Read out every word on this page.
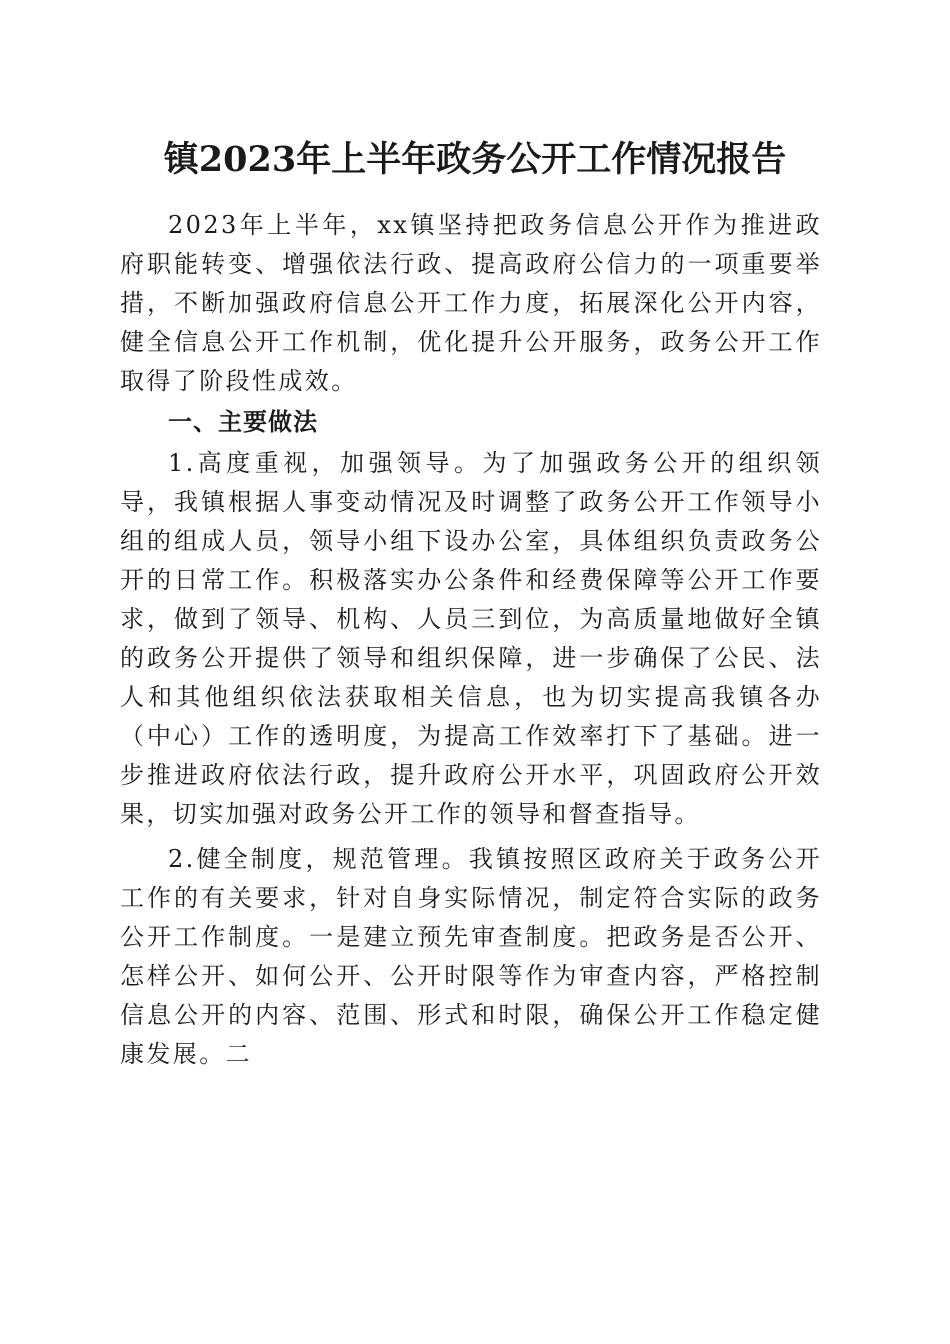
镇2023年上半年政务公开工作情况报告

2023年上半年，xx镇坚持把政务信息公开作为推进政府职能转变、增强依法行政、提高政府公信力的一项重要举措，不断加强政府信息公开工作力度，拓展深化公开内容，健全信息公开工作机制，优化提升公开服务，政务公开工作取得了阶段性成效。

一、主要做法

1.高度重视，加强领导。为了加强政务公开的组织领导，我镇根据人事变动情况及时调整了政务公开工作领导小组的组成人员，领导小组下设办公室，具体组织负责政务公开的日常工作。积极落实办公条件和经费保障等公开工作要求，做到了领导、机构、人员三到位，为高质量地做好全镇的政务公开提供了领导和组织保障，进一步确保了公民、法人和其他组织依法获取相关信息，也为切实提高我镇各办（中心）工作的透明度，为提高工作效率打下了基础。进一步推进政府依法行政，提升政府公开水平，巩固政府公开效果，切实加强对政务公开工作的领导和督查指导。

2.健全制度，规范管理。我镇按照区政府关于政务公开工作的有关要求，针对自身实际情况，制定符合实际的政务公开工作制度。一是建立预先审查制度。把政务是否公开、怎样公开、如何公开、公开时限等作为审查内容，严格控制信息公开的内容、范围、形式和时限，确保公开工作稳定健康发展。二
